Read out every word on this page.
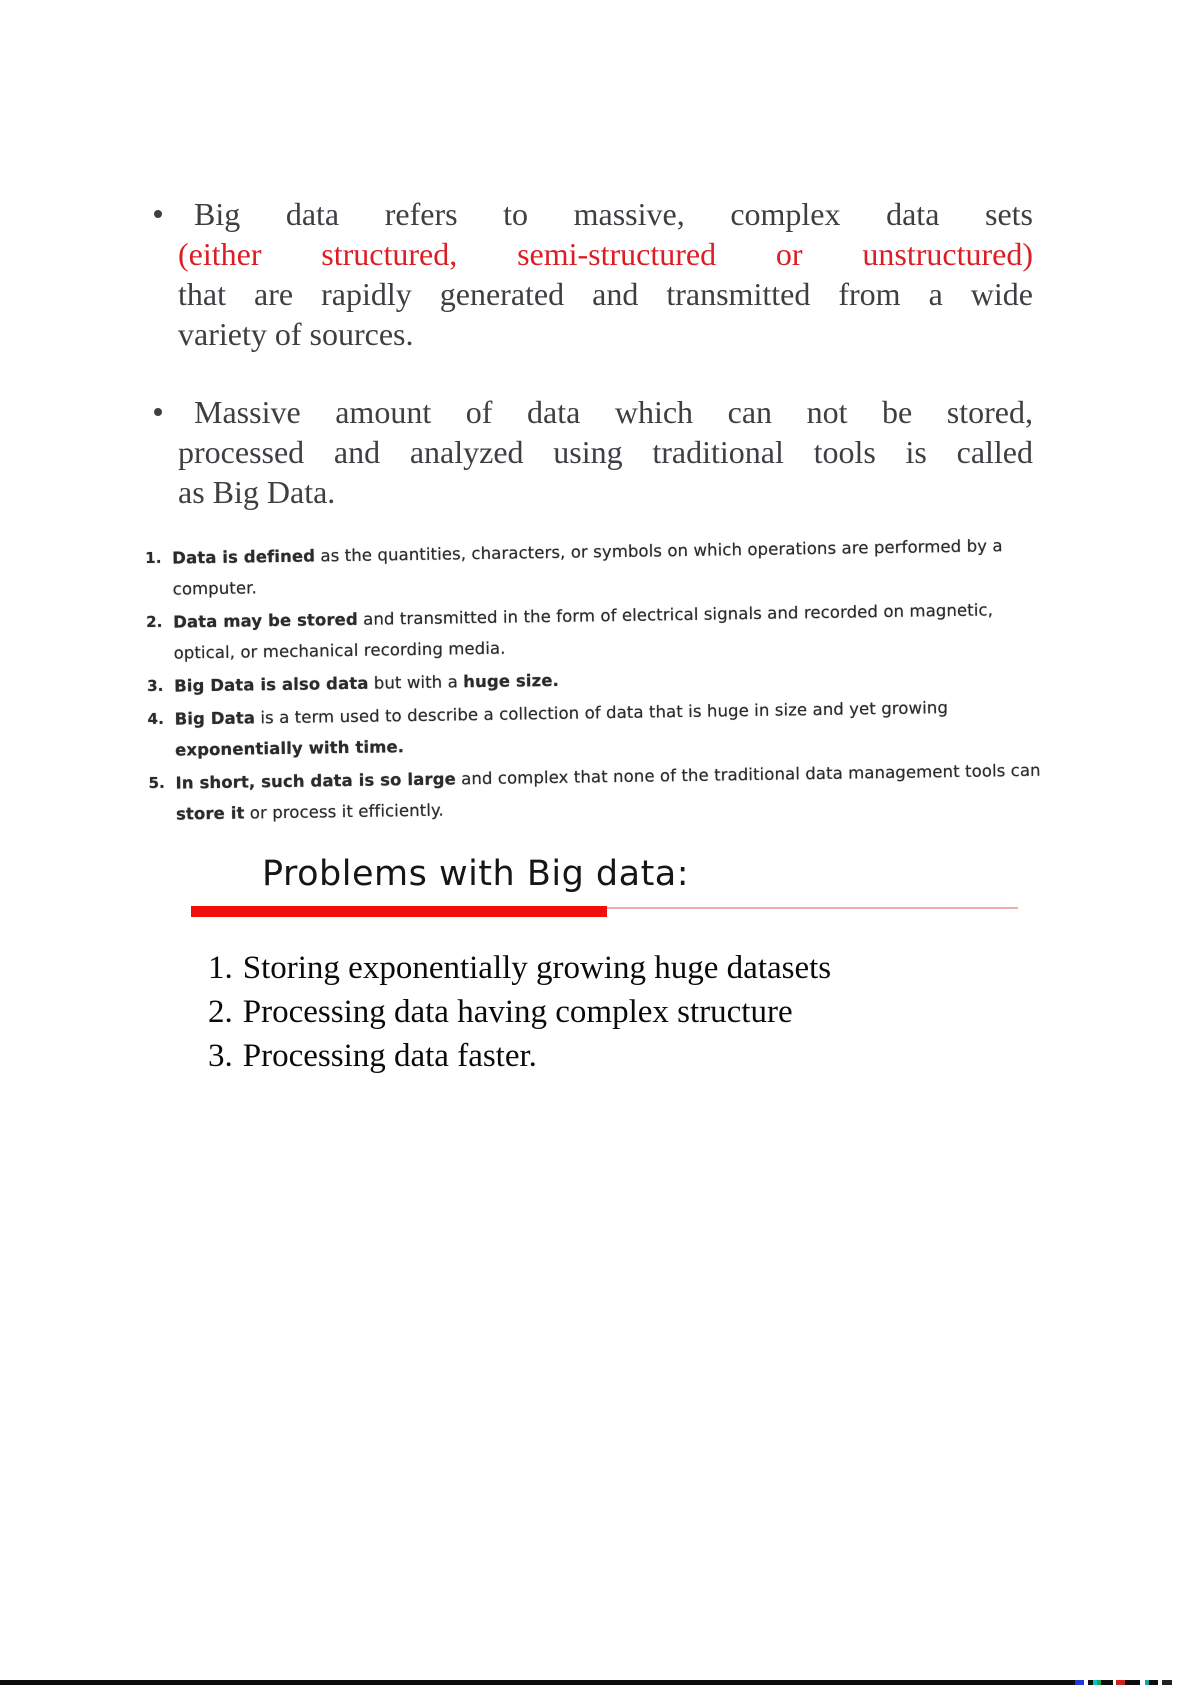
Big data refers to massive, complex data sets
(either structured, semi-structured or unstructured)
that are rapidly generated and transmitted from a wide
variety of sources.
Massive amount of data which can not be stored,
processed and analyzed using traditional tools is called
as Big Data.
1. Data is defined as the quantities, characters, or symbols on which operations are performed by a
computer.
2. Data may be stored and transmitted in the form of electrical signals and recorded on magnetic,
optical, or mechanical recording media.
3. Big Data is also data but with a huge size.
4. Big Data is a term used to describe a collection of data that is huge in size and yet growing
exponentially with time.
5. In short, such data is so large and complex that none of the traditional data management tools can
store it or process it efficiently.
Problems with Big data:
1. Storing exponentially growing huge datasets
2. Processing data having complex structure
3. Processing data faster.
